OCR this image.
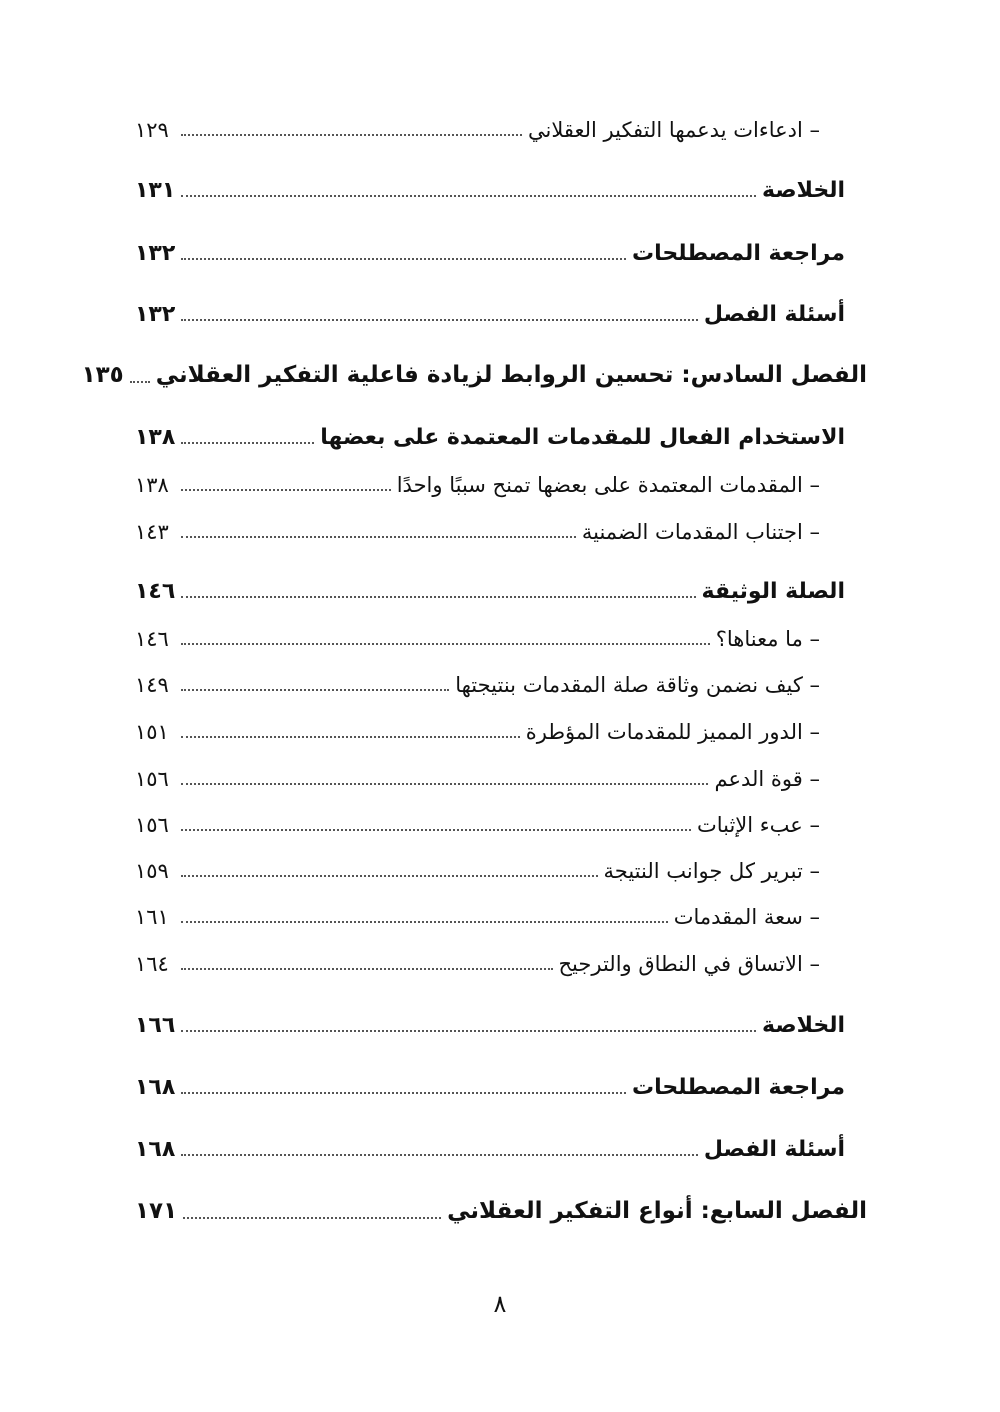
– ادعاءات يدعمها التفكير العقلاني
١٢٩
الخلاصة
١٣١
مراجعة المصطلحات
١٣٢
أسئلة الفصل
١٣٢
الفصل السادس: تحسين الروابط لزيادة فاعلية التفكير العقلاني
١٣٥
الاستخدام الفعال للمقدمات المعتمدة على بعضها
١٣٨
– المقدمات المعتمدة على بعضها تمنح سببًا واحدًا
١٣٨
– اجتناب المقدمات الضمنية
١٤٣
الصلة الوثيقة
١٤٦
– ما معناها؟
١٤٦
– كيف نضمن وثاقة صلة المقدمات بنتيجتها
١٤٩
– الدور المميز للمقدمات المؤطرة
١٥١
– قوة الدعم
١٥٦
– عبء الإثبات
١٥٦
– تبرير كل جوانب النتيجة
١٥٩
– سعة المقدمات
١٦١
– الاتساق في النطاق والترجيح
١٦٤
الخلاصة
١٦٦
مراجعة المصطلحات
١٦٨
أسئلة الفصل
١٦٨
الفصل السابع: أنواع التفكير العقلاني
١٧١
٨
